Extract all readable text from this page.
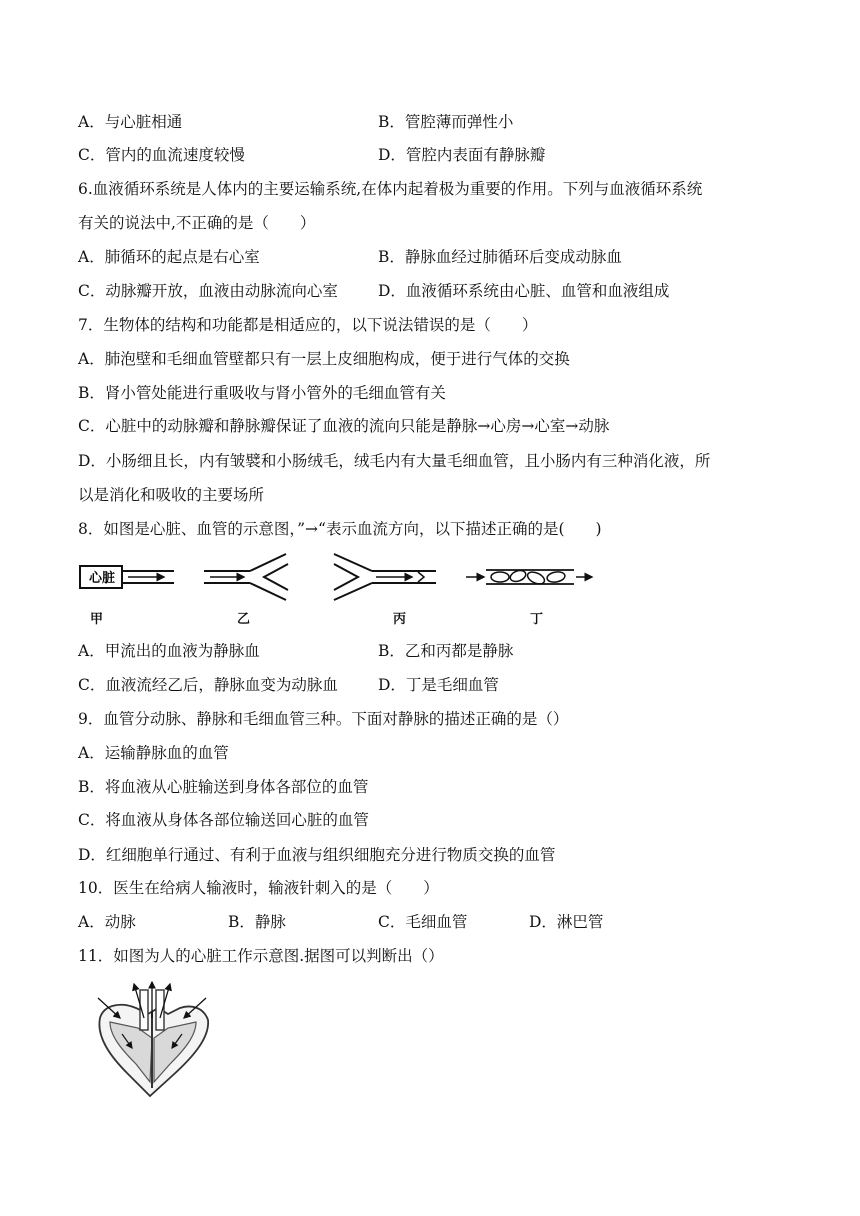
A．与心脏相通	B．管腔薄而弹性小
C．管内的血流速度较慢	D．管腔内表面有静脉瓣
6.血液循环系统是人体内的主要运输系统,在体内起着极为重要的作用。下列与血液循环系统
有关的说法中,不正确的是（　　）
A．肺循环的起点是右心室	B．静脉血经过肺循环后变成动脉血
C．动脉瓣开放，血液由动脉流向心室	D．血液循环系统由心脏、血管和血液组成
7．生物体的结构和功能都是相适应的，以下说法错误的是（　　）
A．肺泡壁和毛细血管壁都只有一层上皮细胞构成，便于进行气体的交换
B．肾小管处能进行重吸收与肾小管外的毛细血管有关
C．心脏中的动脉瓣和静脉瓣保证了血液的流向只能是静脉→心房→心室→动脉
D．小肠细且长，内有皱襞和小肠绒毛，绒毛内有大量毛细血管，且小肠内有三种消化液，所
以是消化和吸收的主要场所
8．如图是心脏、血管的示意图，”→“表示血流方向，以下描述正确的是(　　)
心脏
甲	乙	丙	丁
A．甲流出的血液为静脉血	B．乙和丙都是静脉
C．血液流经乙后，静脉血变为动脉血	D．丁是毛细血管
9．血管分动脉、静脉和毛细血管三种。下面对静脉的描述正确的是（）
A．运输静脉血的血管
B．将血液从心脏输送到身体各部位的血管
C．将血液从身体各部位输送回心脏的血管
D．红细胞单行通过、有利于血液与组织细胞充分进行物质交换的血管
10．医生在给病人输液时，输液针刺入的是（　　）
A．动脉	B．静脉	C．毛细血管	D．淋巴管
11．如图为人的心脏工作示意图.据图可以判断出（）
